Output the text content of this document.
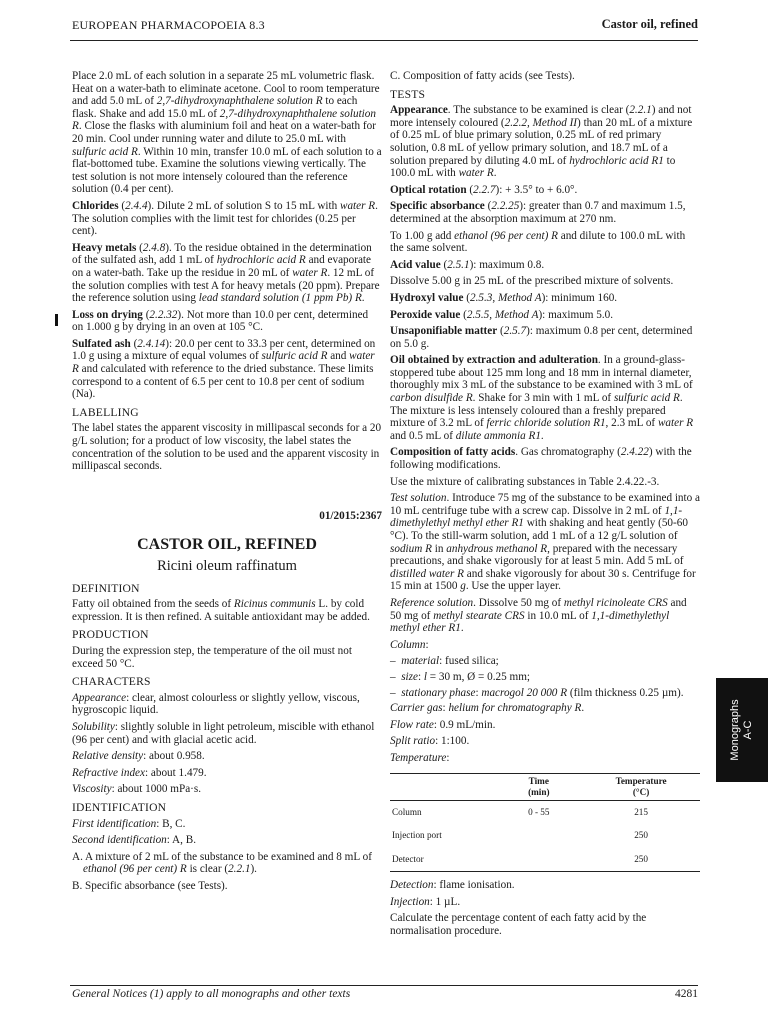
EUROPEAN PHARMACOPOEIA 8.3	Castor oil, refined

Place 2.0 mL of each solution in a separate 25 mL volumetric flask. Heat on a water-bath to eliminate acetone. Cool to room temperature and add 5.0 mL of 2,7-dihydroxynaphthalene solution R to each flask. Shake and add 15.0 mL of 2,7-dihydroxynaphthalene solution R. Close the flasks with aluminium foil and heat on a water-bath for 20 min. Cool under running water and dilute to 25.0 mL with sulfuric acid R. Within 10 min, transfer 10.0 mL of each solution to a flat-bottomed tube. Examine the solutions viewing vertically. The test solution is not more intensely coloured than the reference solution (0.4 per cent).

Chlorides (2.4.4). Dilute 2 mL of solution S to 15 mL with water R. The solution complies with the limit test for chlorides (0.25 per cent).

Heavy metals (2.4.8). To the residue obtained in the determination of the sulfated ash, add 1 mL of hydrochloric acid R and evaporate on a water-bath. Take up the residue in 20 mL of water R. 12 mL of the solution complies with test A for heavy metals (20 ppm). Prepare the reference solution using lead standard solution (1 ppm Pb) R.

Loss on drying (2.2.32). Not more than 10.0 per cent, determined on 1.000 g by drying in an oven at 105 °C.

Sulfated ash (2.4.14): 20.0 per cent to 33.3 per cent, determined on 1.0 g using a mixture of equal volumes of sulfuric acid R and water R and calculated with reference to the dried substance. These limits correspond to a content of 6.5 per cent to 10.8 per cent of sodium (Na).

LABELLING

The label states the apparent viscosity in millipascal seconds for a 20 g/L solution; for a product of low viscosity, the label states the concentration of the solution to be used and the apparent viscosity in millipascal seconds.

01/2015:2367
CASTOR OIL, REFINED
Ricini oleum raffinatum
DEFINITION

Fatty oil obtained from the seeds of Ricinus communis L. by cold expression. It is then refined. A suitable antioxidant may be added.

PRODUCTION

During the expression step, the temperature of the oil must not exceed 50 °C.

CHARACTERS

Appearance: clear, almost colourless or slightly yellow, viscous, hygroscopic liquid.

Solubility: slightly soluble in light petroleum, miscible with ethanol (96 per cent) and with glacial acetic acid.

Relative density: about 0.958.

Refractive index: about 1.479.

Viscosity: about 1000 mPa·s.

IDENTIFICATION

First identification: B, C.

Second identification: A, B.

A. A mixture of 2 mL of the substance to be examined and 8 mL of ethanol (96 per cent) R is clear (2.2.1).

B. Specific absorbance (see Tests).

C. Composition of fatty acids (see Tests).

TESTS

Appearance. The substance to be examined is clear (2.2.1) and not more intensely coloured (2.2.2, Method II) than 20 mL of a mixture of 0.25 mL of blue primary solution, 0.25 mL of red primary solution, 0.8 mL of yellow primary solution, and 18.7 mL of a solution prepared by diluting 4.0 mL of hydrochloric acid R1 to 100.0 mL with water R.

Optical rotation (2.2.7): + 3.5° to + 6.0°.

Specific absorbance (2.2.25): greater than 0.7 and maximum 1.5, determined at the absorption maximum at 270 nm.

To 1.00 g add ethanol (96 per cent) R and dilute to 100.0 mL with the same solvent.

Acid value (2.5.1): maximum 0.8.

Dissolve 5.00 g in 25 mL of the prescribed mixture of solvents.

Hydroxyl value (2.5.3, Method A): minimum 160.

Peroxide value (2.5.5, Method A): maximum 5.0.

Unsaponifiable matter (2.5.7): maximum 0.8 per cent, determined on 5.0 g.

Oil obtained by extraction and adulteration. In a ground-glass-stoppered tube about 125 mm long and 18 mm in internal diameter, thoroughly mix 3 mL of the substance to be examined with 3 mL of carbon disulfide R. Shake for 3 min with 1 mL of sulfuric acid R. The mixture is less intensely coloured than a freshly prepared mixture of 3.2 mL of ferric chloride solution R1, 2.3 mL of water R and 0.5 mL of dilute ammonia R1.

Composition of fatty acids. Gas chromatography (2.4.22) with the following modifications.

Use the mixture of calibrating substances in Table 2.4.22.-3.

Test solution. Introduce 75 mg of the substance to be examined into a 10 mL centrifuge tube with a screw cap. Dissolve in 2 mL of 1,1-dimethylethyl methyl ether R1 with shaking and heat gently (50-60 °C). To the still-warm solution, add 1 mL of a 12 g/L solution of sodium R in anhydrous methanol R, prepared with the necessary precautions, and shake vigorously for at least 5 min. Add 5 mL of distilled water R and shake vigorously for about 30 s. Centrifuge for 15 min at 1500 g. Use the upper layer.

Reference solution. Dissolve 50 mg of methyl ricinoleate CRS and 50 mg of methyl stearate CRS in 10.0 mL of 1,1-dimethylethyl methyl ether R1.

Column:

–  material: fused silica;

–  size: l = 30 m, Ø = 0.25 mm;

–  stationary phase: macrogol 20 000 R (film thickness 0.25 µm).

Carrier gas: helium for chromatography R.

Flow rate: 0.9 mL/min.

Split ratio: 1:100.

Temperature:

	Time
(min)	Temperature
(°C)
Column	0 - 55	215
Injection port		250
Detector		250

Detection: flame ionisation.

Injection: 1 µL.

Calculate the percentage content of each fatty acid by the normalisation procedure.

Monographs
A-C
General Notices (1) apply to all monographs and other texts	4281
